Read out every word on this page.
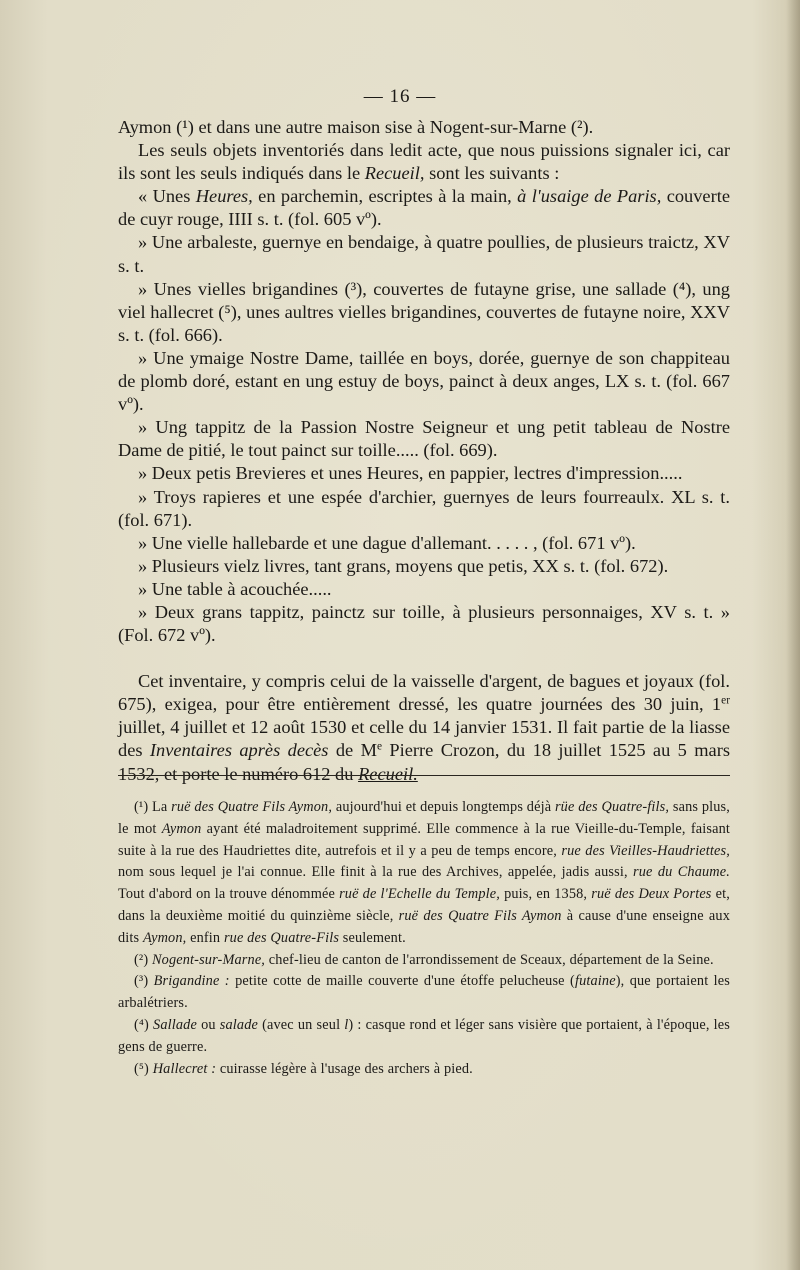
— 16 —

Aymon (¹) et dans une autre maison sise à Nogent-sur-Marne (²).

Les seuls objets inventoriés dans ledit acte, que nous puissions signaler ici, car ils sont les seuls indiqués dans le Recueil, sont les suivants :

« Unes Heures, en parchemin, escriptes à la main, à l'usaige de Paris, couverte de cuyr rouge, IIII s. t. (fol. 605 vº).

» Une arbaleste, guernye en bendaige, à quatre poullies, de plusieurs traictz, XV s. t.

» Unes vielles brigandines (³), couvertes de futayne grise, une sallade (⁴), ung viel hallecret (⁵), unes aultres vielles brigandines, couvertes de futayne noire, XXV s. t. (fol. 666).

» Une ymaige Nostre Dame, taillée en boys, dorée, guernye de son chappiteau de plomb doré, estant en ung estuy de boys, painct à deux anges, LX s. t. (fol. 667 vº).

» Ung tappitz de la Passion Nostre Seigneur et ung petit tableau de Nostre Dame de pitié, le tout painct sur toille..... (fol. 669).

» Deux petis Brevieres et unes Heures, en pappier, lectres d'impression.....

» Troys rapieres et une espée d'archier, guernyes de leurs fourreaulx. XL s. t. (fol. 671).

» Une vielle hallebarde et une dague d'allemant. . . . . , (fol. 671 vº).

» Plusieurs vielz livres, tant grans, moyens que petis, XX s. t. (fol. 672).

» Une table à acouchée.....

» Deux grans tappitz, painctz sur toille, à plusieurs personnaiges, XV s. t. » (Fol. 672 vº).

Cet inventaire, y compris celui de la vaisselle d'argent, de bagues et joyaux (fol. 675), exigea, pour être entièrement dressé, les quatre journées des 30 juin, 1er juillet, 4 juillet et 12 août 1530 et celle du 14 janvier 1531. Il fait partie de la liasse des Inventaires après decès de Me Pierre Crozon, du 18 juillet 1525 au 5 mars 1532, et porte le numéro 612 du Recueil.

(¹) La ruë des Quatre Fils Aymon, aujourd'hui et depuis longtemps déjà rüe des Quatre-fils, sans plus, le mot Aymon ayant été maladroitement supprimé. Elle commence à la rue Vieille-du-Temple, faisant suite à la rue des Haudriettes dite, autrefois et il y a peu de temps encore, rue des Vieilles-Haudriettes, nom sous lequel je l'ai connue. Elle finit à la rue des Archives, appelée, jadis aussi, rue du Chaume. Tout d'abord on la trouve dénommée ruë de l'Echelle du Temple, puis, en 1358, ruë des Deux Portes et, dans la deuxième moitié du quinzième siècle, ruë des Quatre Fils Aymon à cause d'une enseigne aux dits Aymon, enfin rue des Quatre-Fils seulement.

(²) Nogent-sur-Marne, chef-lieu de canton de l'arrondissement de Sceaux, département de la Seine.

(³) Brigandine : petite cotte de maille couverte d'une étoffe pelucheuse (futaine), que portaient les arbalétriers.

(⁴) Sallade ou salade (avec un seul l) : casque rond et léger sans visière que portaient, à l'époque, les gens de guerre.

(⁵) Hallecret : cuirasse légère à l'usage des archers à pied.
